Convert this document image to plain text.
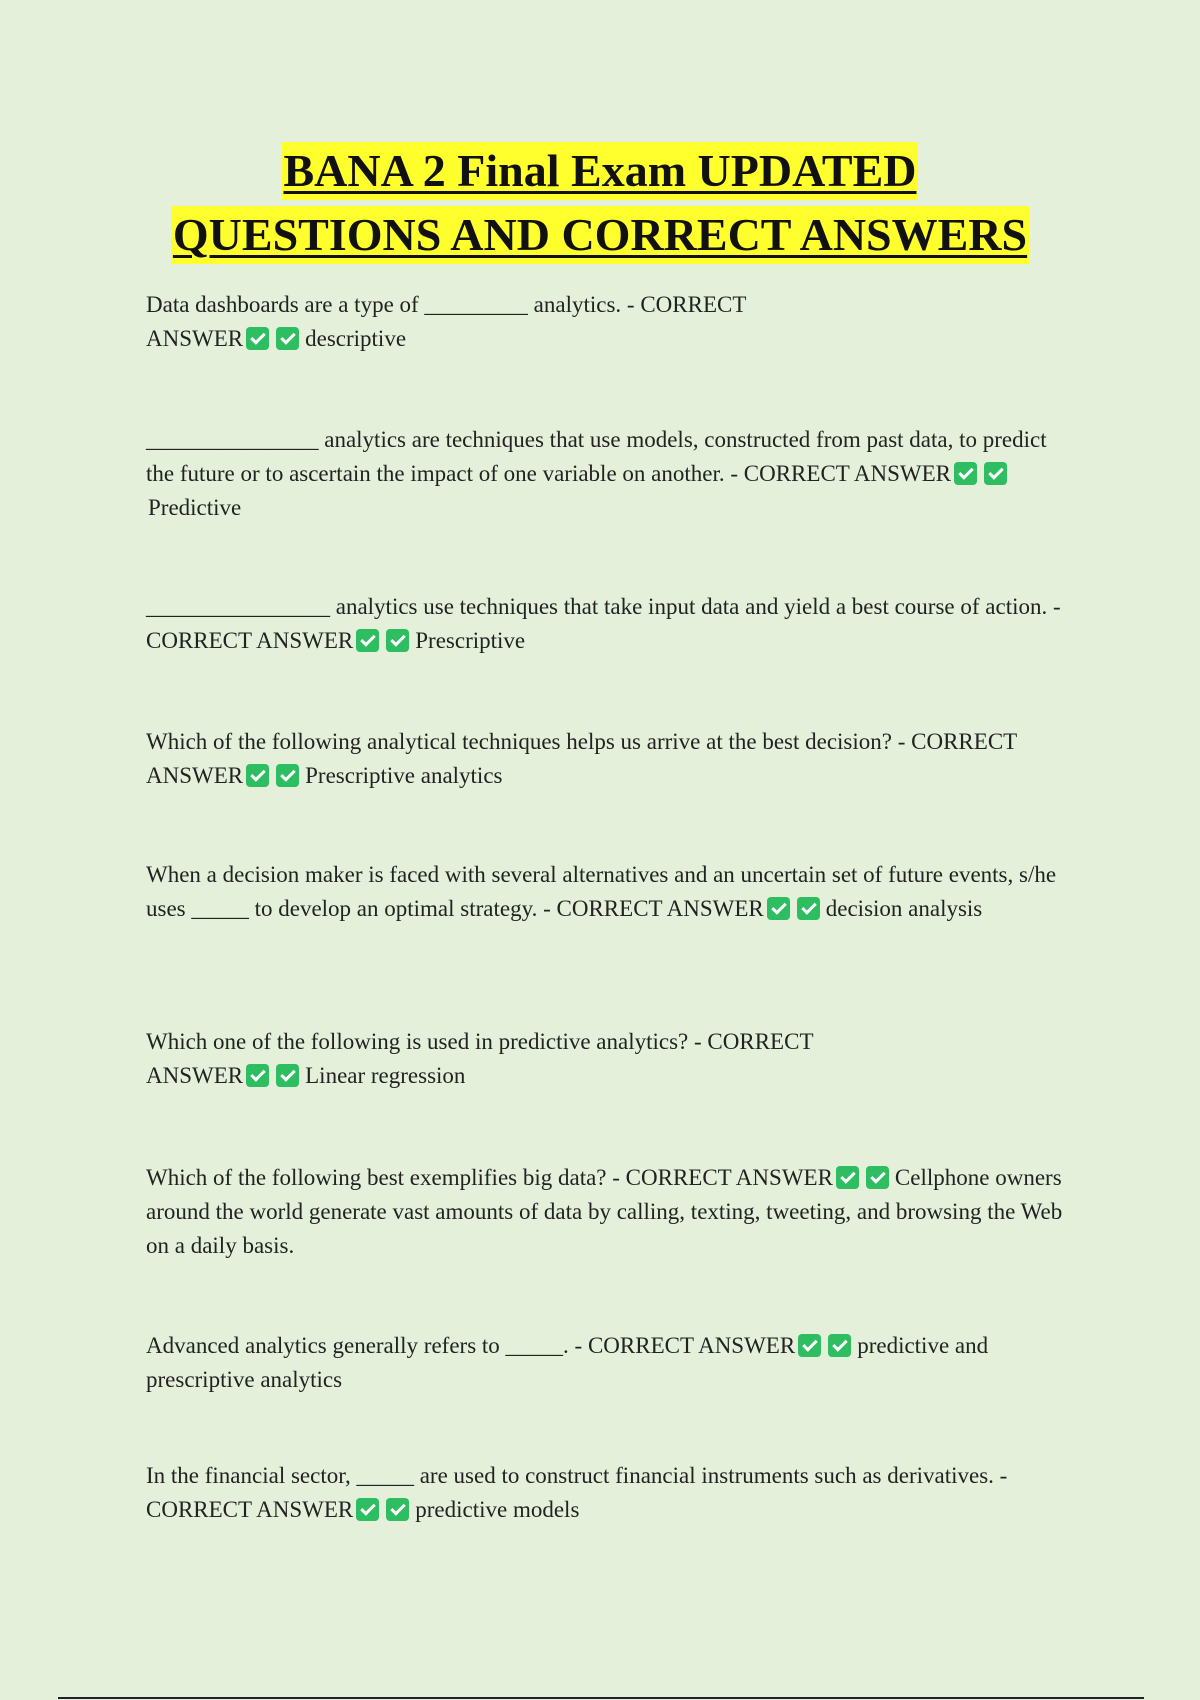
BANA 2 Final Exam UPDATED
QUESTIONS AND CORRECT ANSWERS
Data dashboards are a type of _________ analytics. - CORRECT ANSWER	descriptive
_______________ analytics are techniques that use models, constructed from past data, to predict the future or to ascertain the impact of one variable on another. - CORRECT ANSWERPredictive
________________ analytics use techniques that take input data and yield a best course of action. - CORRECT ANSWER	Prescriptive
Which of the following analytical techniques helps us arrive at the best decision? - CORRECT ANSWER	Prescriptive analytics
When a decision maker is faced with several alternatives and an uncertain set of future events, s/he uses _____ to develop an optimal strategy. - CORRECT ANSWER	decision analysis
Which one of the following is used in predictive analytics? - CORRECT ANSWER	Linear regression
Which of the following best exemplifies big data? - CORRECT ANSWER	Cellphone owners around the world generate vast amounts of data by calling, texting, tweeting, and browsing the Web on a daily basis.
Advanced analytics generally refers to _____. - CORRECT ANSWER	predictive and prescriptive analytics
In the financial sector, _____ are used to construct financial instruments such as derivatives. - CORRECT ANSWER	predictive models
